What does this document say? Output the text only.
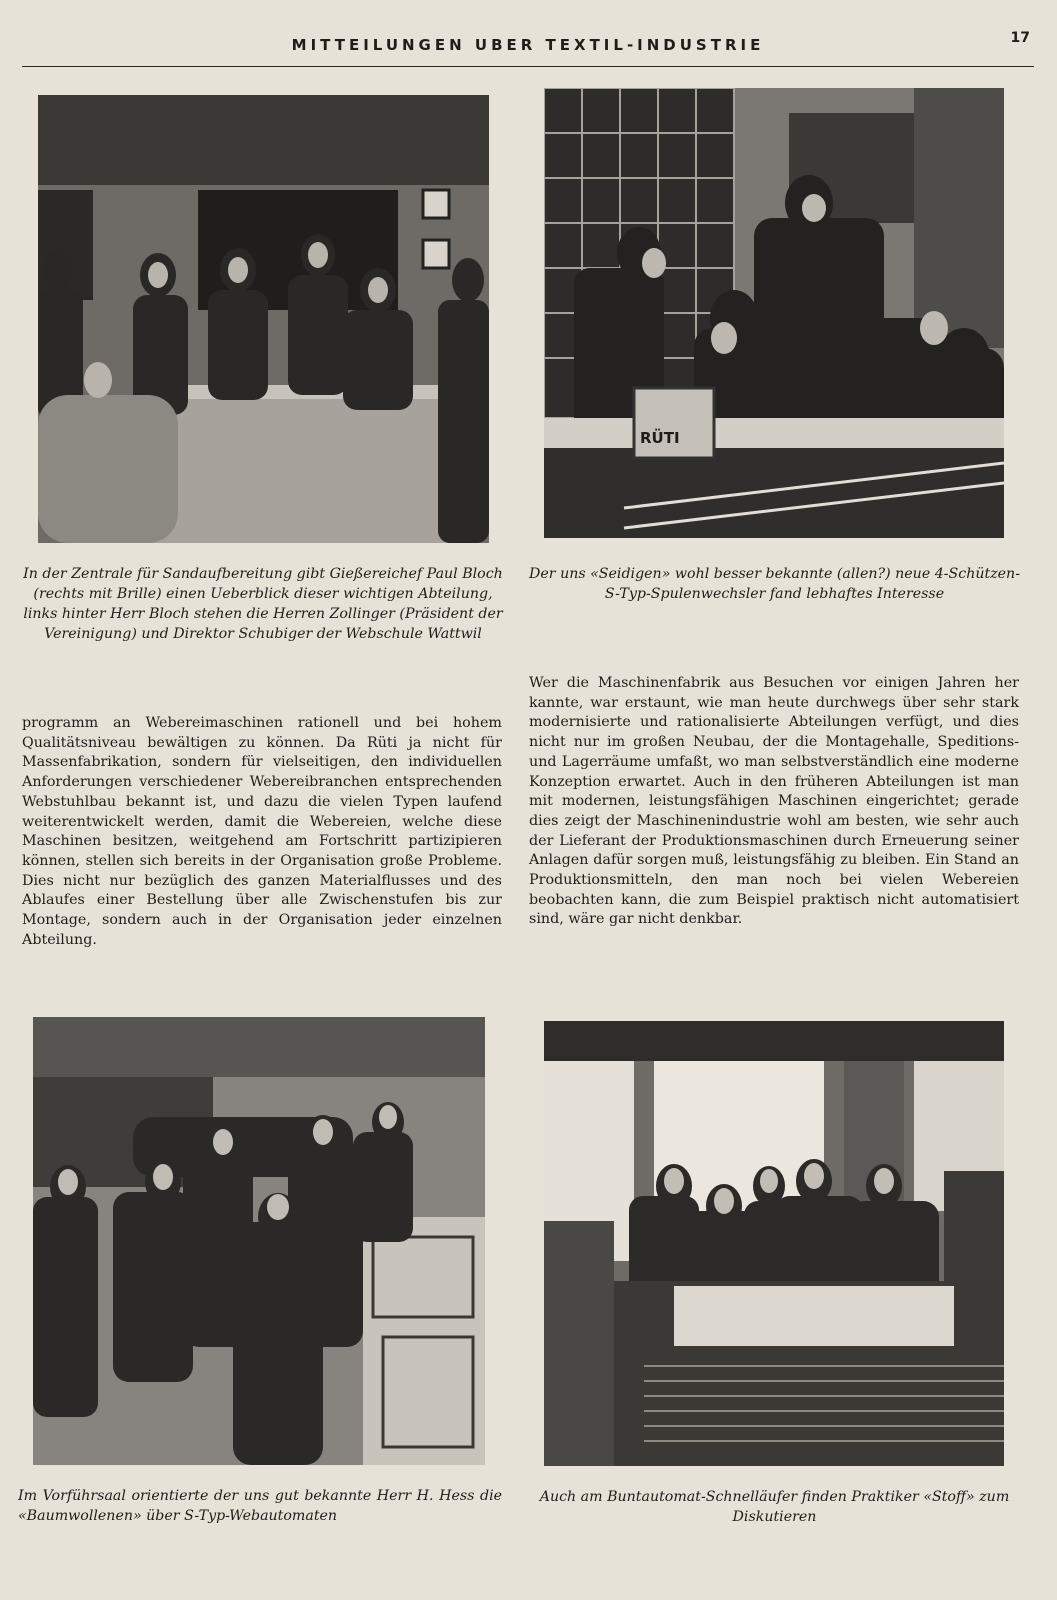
MITTEILUNGEN UBER TEXTIL-INDUSTRIE	17
RÜTI
In der Zentrale für Sandaufbereitung gibt Gießereichef Paul Bloch (rechts mit Brille) einen Ueberblick dieser wichtigen Abteilung, links hinter Herr Bloch stehen die Herren Zollinger (Präsident der Vereinigung) und Direktor Schubiger der Webschule Wattwil
Der uns «Seidigen» wohl besser bekannte (allen?) neue 4-Schützen-S-Typ-Spulenwechsler fand lebhaftes Interesse

programm an Webereimaschinen rationell und bei hohem Qualitätsniveau bewältigen zu können. Da Rüti ja nicht für Massenfabrikation, sondern für vielseitigen, den individuellen Anforderungen verschiedener Webereibranchen entsprechenden Webstuhlbau bekannt ist, und dazu die vielen Typen laufend weiterentwickelt werden, damit die Webereien, welche diese Maschinen besitzen, weitgehend am Fortschritt partizipieren können, stellen sich bereits in der Organisation große Probleme. Dies nicht nur bezüglich des ganzen Materialflusses und des Ablaufes einer Bestellung über alle Zwischenstufen bis zur Montage, sondern auch in der Organisation jeder einzelnen Abteilung.

Wer die Maschinenfabrik aus Besuchen vor einigen Jahren her kannte, war erstaunt, wie man heute durchwegs über sehr stark modernisierte und rationalisierte Abteilungen verfügt, und dies nicht nur im großen Neubau, der die Montagehalle, Speditions- und Lagerräume umfaßt, wo man selbstverständlich eine moderne Konzeption erwartet. Auch in den früheren Abteilungen ist man mit modernen, leistungsfähigen Maschinen eingerichtet; gerade dies zeigt der Maschinenindustrie wohl am besten, wie sehr auch der Lieferant der Produktionsmaschinen durch Erneuerung seiner Anlagen dafür sorgen muß, leistungsfähig zu bleiben. Ein Stand an Produktionsmitteln, den man noch bei vielen Webereien beobachten kann, die zum Beispiel praktisch nicht automatisiert sind, wäre gar nicht denkbar.

Im Vorführsaal orientierte der uns gut bekannte Herr H. Hess die «Baumwollenen» über S-Typ-Webautomaten
Auch am Buntautomat-Schnelläufer finden Praktiker «Stoff» zum Diskutieren
